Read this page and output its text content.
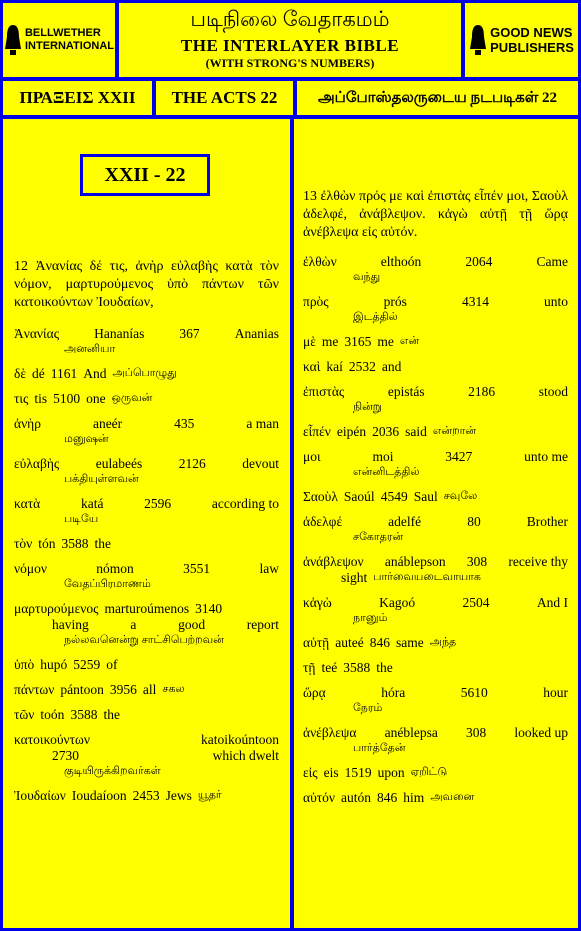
BELLWETHER
INTERNATIONAL
படிநிலை வேதாகமம்
THE INTERLAYER BIBLE
(WITH STRONG'S NUMBERS)
GOOD NEWS
PUBLISHERS
ΠΡΑΞΕΙΣ XXII THE ACTS 22	அப்போஸ்தலருடைய நடபடிகள் 22
XXII - 22
12 Ἀνανίας δέ τις, ἀνὴρ εὐλαβὴς κατὰ τὸν νόμον, μαρτυρούμενος ὑπὸ πάντων τῶν κατοικούντων Ἰουδαίων,
Ἀνανίας	Hananías	367	Ananias
அனனியா
δὲ dé 1161 And அப்பொழுது
τις tis 5100 one ஒருவன்
ἀνὴρ	aneér	435	a man
மனுஷன்
εὐλαβὴς	eulabeés	2126	devout
பக்தியுள்ளவன்
κατὰ	katá	2596	according to
படியே
τὸν tón 3588 the
νόμον	nómon	3551	law
வேதப்பிரமாணம்
μαρτυρούμενος marturoúmenos 3140
having a good report
நல்லவனென்று சாட்சிபெற்றவன்
ὑπὸ hupó 5259 of
πάντων pántoon 3956 all சகல
τῶν toón 3588 the
κατοικούντων	katoikoúntoon
2730	which dwelt
குடியிருக்கிறவர்கள்
Ἰουδαίων Ioudaíoon 2453 Jews யூதர்
13 ἐλθὼν πρός με καὶ ἐπιστὰς εἶπέν μοι, Σαοὺλ ἀδελφέ, ἀνάβλεψον. κἀγὼ αὐτῇ τῇ ὥρᾳ ἀνέβλεψα εἰς αὐτόν.
ἐλθὼν	elthoón	2064	Came
வந்து
πρὸς	prós	4314	unto
இடத்தில்
μὲ me 3165 me என்
καὶ kaí 2532 and
ἐπιστὰς	epistás	2186	stood
நின்று
εἶπέν eipén 2036 said என்றான்
μοι	moi	3427	unto me
என்னிடத்தில்
Σαοὺλ Saoúl 4549 Saul சவுலே
ἀδελφέ	adelfé	80	Brother
சகோதரன்
ἀνάβλεψον anáblepson 308 receive thy
sight பார்வையடைவாயாக
κἀγὼ	Kagoó	2504	And I
நானும்
αὐτῇ auteé 846 same அந்த
τῇ teé 3588 the
ὥρᾳ	hóra	5610	hour
நேரம்
ἀνέβλεψα anéblepsa 308 looked up
பார்த்தேன்
εἰς eis 1519 upon ஏறிட்டு
αὐτόν autón 846 him அவனை
